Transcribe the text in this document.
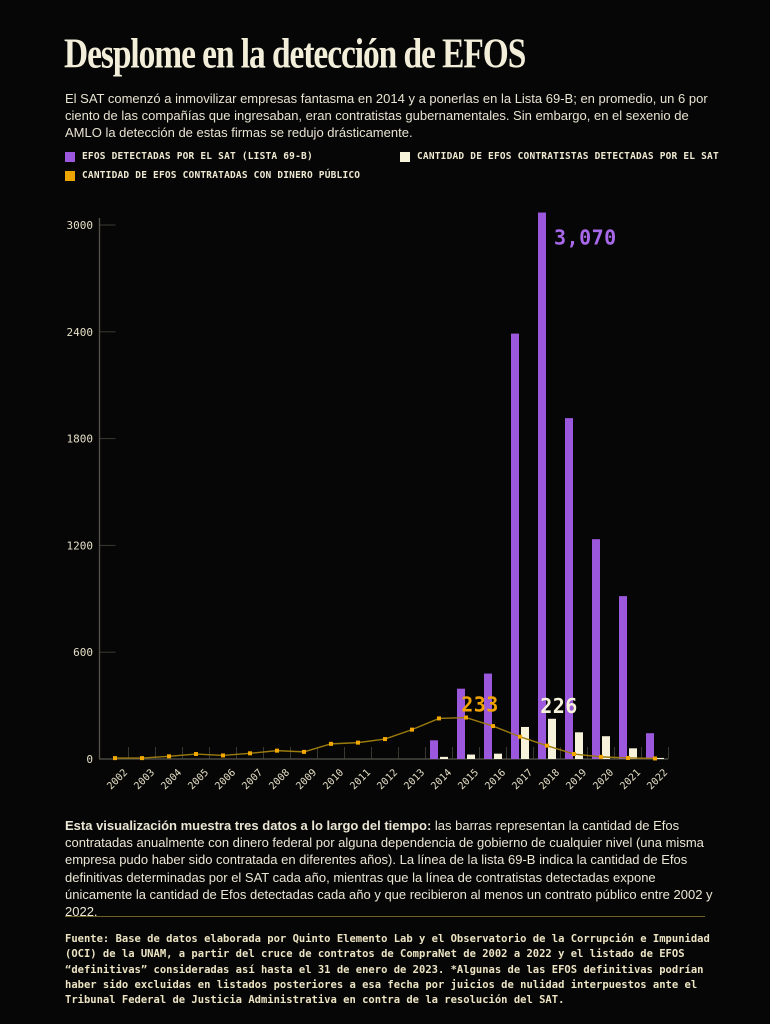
Desplome en la detección de EFOS

El SAT comenzó a inmovilizar empresas fantasma en 2014 y a ponerlas en la Lista 69-B; en promedio, un 6 por ciento de las compañías que ingresaban, eran contratistas gubernamentales. Sin embargo, en el sexenio de AMLO la detección de estas firmas se redujo drásticamente.

EFOS DETECTADAS POR EL SAT (LISTA 69-B)	CANTIDAD DE EFOS CONTRATISTAS DETECTADAS POR EL SAT
CANTIDAD DE EFOS CONTRATADAS CON DINERO PÚBLICO
0
600
1200
1800
2400
3000
2002 2003 2004 2005 2006 2007 2008 2009 2010 2011 2012 2013 2014 2015 2016 2017 2018 2019 2020 2021 2022
3,070
233 226

Esta visualización muestra tres datos a lo largo del tiempo: las barras representan la cantidad de Efos contratadas anualmente con dinero federal por alguna dependencia de gobierno de cualquier nivel (una misma empresa pudo haber sido contratada en diferentes años). La línea de la lista 69-B indica la cantidad de Efos definitivas determinadas por el SAT cada año, mientras que la línea de contratistas detectadas expone únicamente la cantidad de Efos detectadas cada año y que recibieron al menos un contrato público entre 2002 y 2022.

Fuente: Base de datos elaborada por Quinto Elemento Lab y el Observatorio de la Corrupción e Impunidad (OCI) de la UNAM, a partir del cruce de contratos de CompraNet de 2002 a 2022 y el listado de EFOS “definitivas” consideradas así hasta el 31 de enero de 2023. *Algunas de las EFOS definitivas podrían haber sido excluidas en listados posteriores a esa fecha por juicios de nulidad interpuestos ante el Tribunal Federal de Justicia Administrativa en contra de la resolución del SAT.
